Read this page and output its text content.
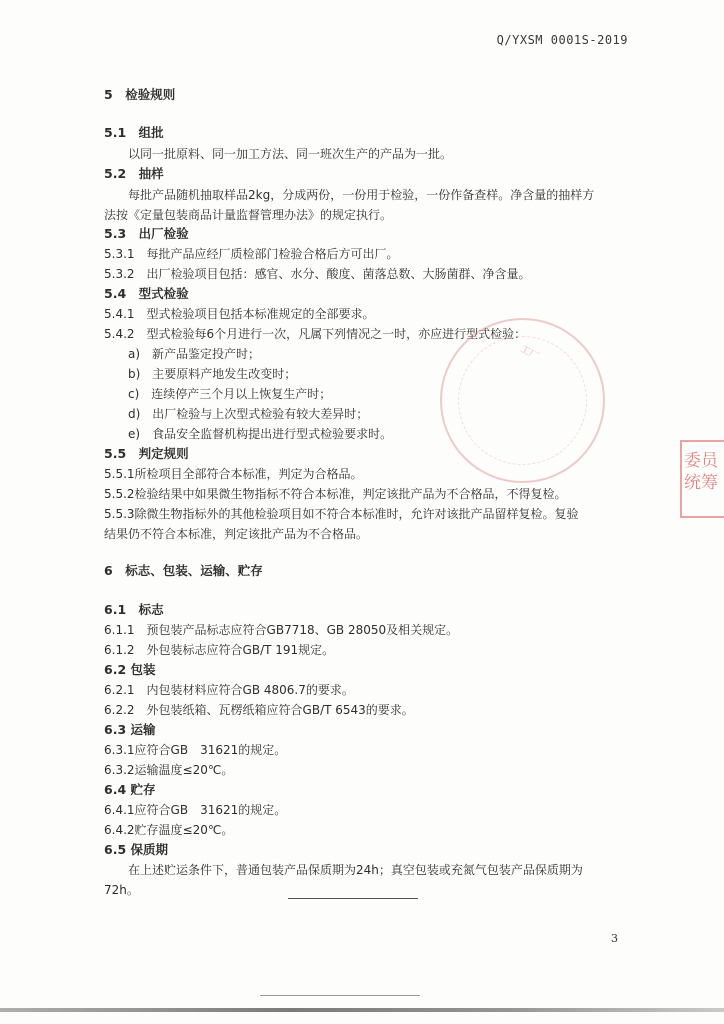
Q/YXSM 0001S-2019
5　检验规则
5.1　组批
以同一批原料、同一加工方法、同一班次生产的产品为一批。
5.2　抽样
每批产品随机抽取样品2kg，分成两份，一份用于检验，一份作备查样。净含量的抽样方
法按《定量包装商品计量监督管理办法》的规定执行。
5.3　出厂检验
5.3.1　每批产品应经厂质检部门检验合格后方可出厂。
5.3.2　出厂检验项目包括：感官、水分、酸度、菌落总数、大肠菌群、净含量。
5.4　型式检验
5.4.1　型式检验项目包括本标准规定的全部要求。
5.4.2　型式检验每6个月进行一次，凡属下列情况之一时，亦应进行型式检验：
a)　新产品鉴定投产时；
b)　主要原料产地发生改变时；
c)　连续停产三个月以上恢复生产时；
d)　出厂检验与上次型式检验有较大差异时；
e)　食品安全监督机构提出进行型式检验要求时。
5.5　判定规则
5.5.1所检项目全部符合本标准，判定为合格品。
5.5.2检验结果中如果微生物指标不符合本标准，判定该批产品为不合格品，不得复检。
5.5.3除微生物指标外的其他检验项目如不符合本标准时，允许对该批产品留样复检。复验
结果仍不符合本标准，判定该批产品为不合格品。
6　标志、包装、运输、贮存
6.1　标志
6.1.1　预包装产品标志应符合GB7718、GB 28050及相关规定。
6.1.2　外包装标志应符合GB/T 191规定。
6.2 包装
6.2.1　内包装材料应符合GB 4806.7的要求。
6.2.2　外包装纸箱、瓦楞纸箱应符合GB/T 6543的要求。
6.3 运输
6.3.1应符合GB　31621的规定。
6.3.2运输温度≤20℃。
6.4 贮存
6.4.1应符合GB　31621的规定。
6.4.2贮存温度≤20℃。
6.5 保质期
在上述贮运条件下，普通包装产品保质期为24h；真空包装或充氮气包装产品保质期为
72h。
工厂
委员
统筹
3
